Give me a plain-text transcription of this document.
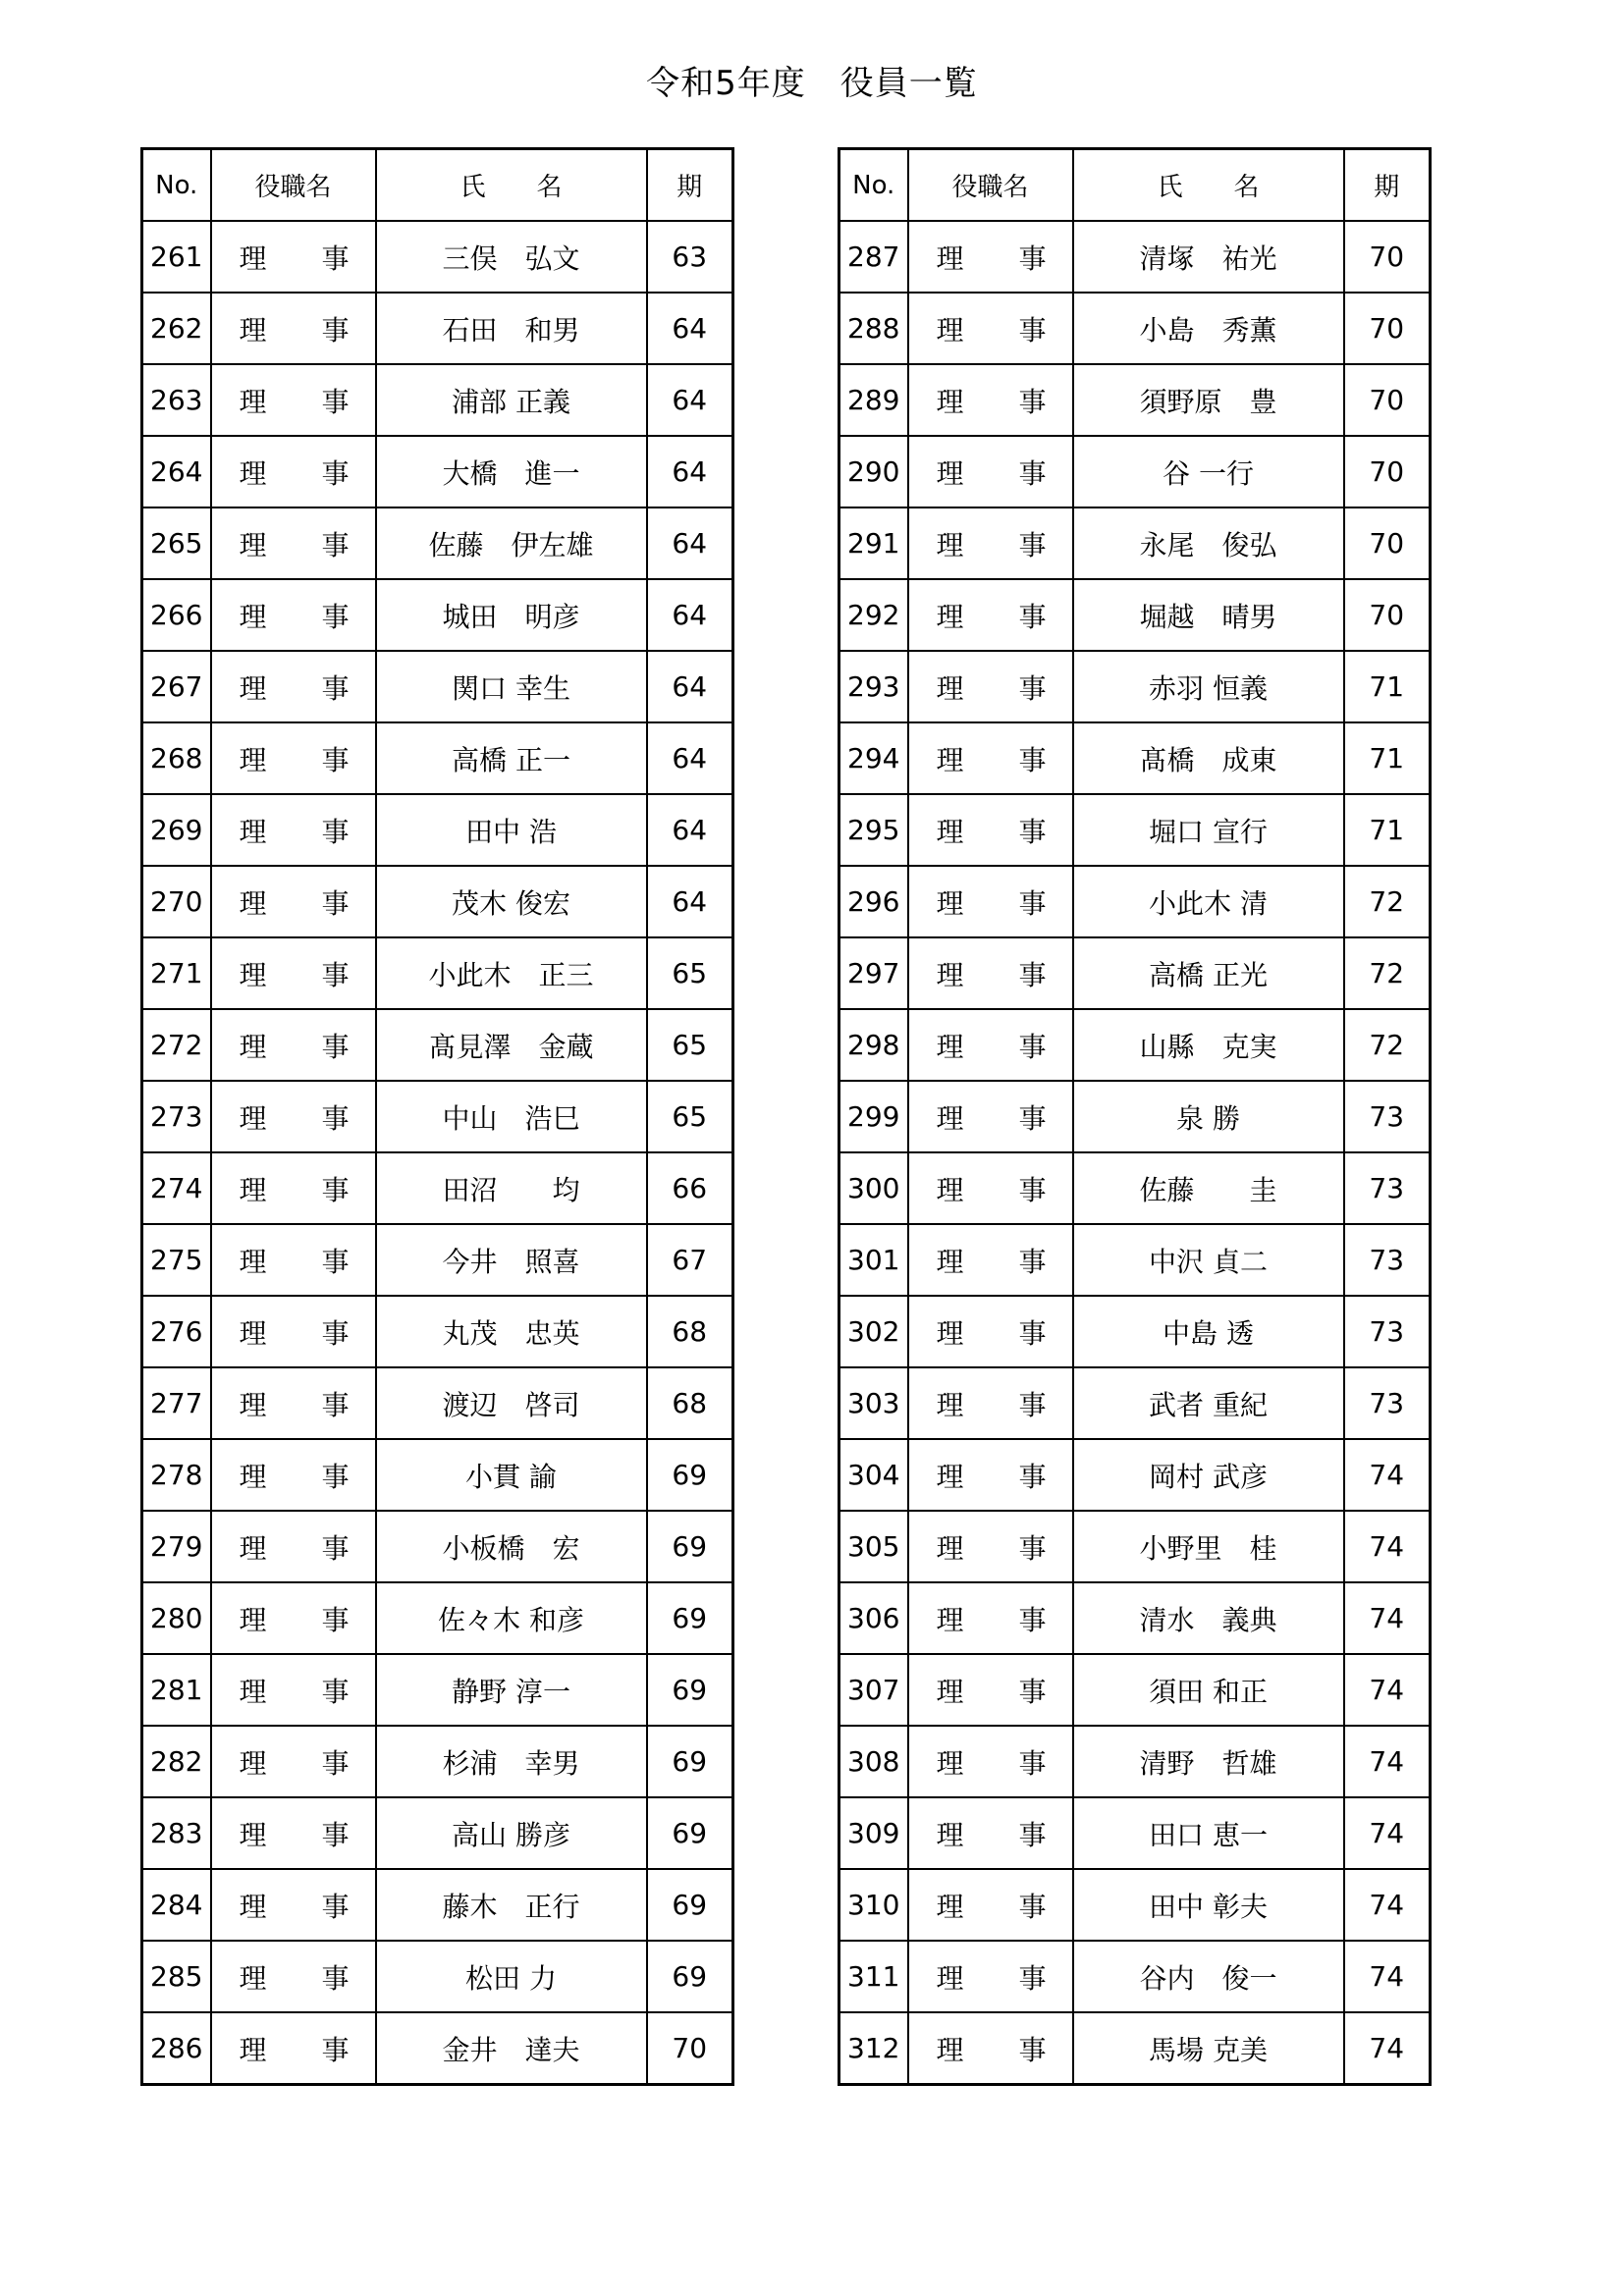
令和5年度　役員一覧
No.	役職名	氏　　名	期
261	理 事	三俣　弘文	63
262	理 事	石田　和男	64
263	理 事	浦部 正義	64
264	理 事	大橋　進一	64
265	理 事	佐藤　伊左雄	64
266	理 事	城田　明彦	64
267	理 事	関口 幸生	64
268	理 事	高橋 正一	64
269	理 事	田中 浩	64
270	理 事	茂木 俊宏	64
271	理 事	小此木　正三	65
272	理 事	髙見澤　金蔵	65
273	理 事	中山　浩巳	65
274	理 事	田沼　　均	66
275	理 事	今井　照喜	67
276	理 事	丸茂　忠英	68
277	理 事	渡辺　啓司	68
278	理 事	小貫 諭	69
279	理 事	小板橋　宏	69
280	理 事	佐々木 和彦	69
281	理 事	静野 淳一	69
282	理 事	杉浦　幸男	69
283	理 事	高山 勝彦	69
284	理 事	藤木　正行	69
285	理 事	松田 力	69
286	理 事	金井　達夫	70
No.	役職名	氏　　名	期
287	理 事	清塚　祐光	70
288	理 事	小島　秀薫	70
289	理 事	須野原　豊	70
290	理 事	谷 一行	70
291	理 事	永尾　俊弘	70
292	理 事	堀越　晴男	70
293	理 事	赤羽 恒義	71
294	理 事	髙橋　成東	71
295	理 事	堀口 宣行	71
296	理 事	小此木 清	72
297	理 事	高橋 正光	72
298	理 事	山縣　克実	72
299	理 事	泉 勝	73
300	理 事	佐藤　　圭	73
301	理 事	中沢 貞二	73
302	理 事	中島 透	73
303	理 事	武者 重紀	73
304	理 事	岡村 武彦	74
305	理 事	小野里　桂	74
306	理 事	清水　義典	74
307	理 事	須田 和正	74
308	理 事	清野　哲雄	74
309	理 事	田口 恵一	74
310	理 事	田中 彰夫	74
311	理 事	谷内　俊一	74
312	理 事	馬場 克美	74
